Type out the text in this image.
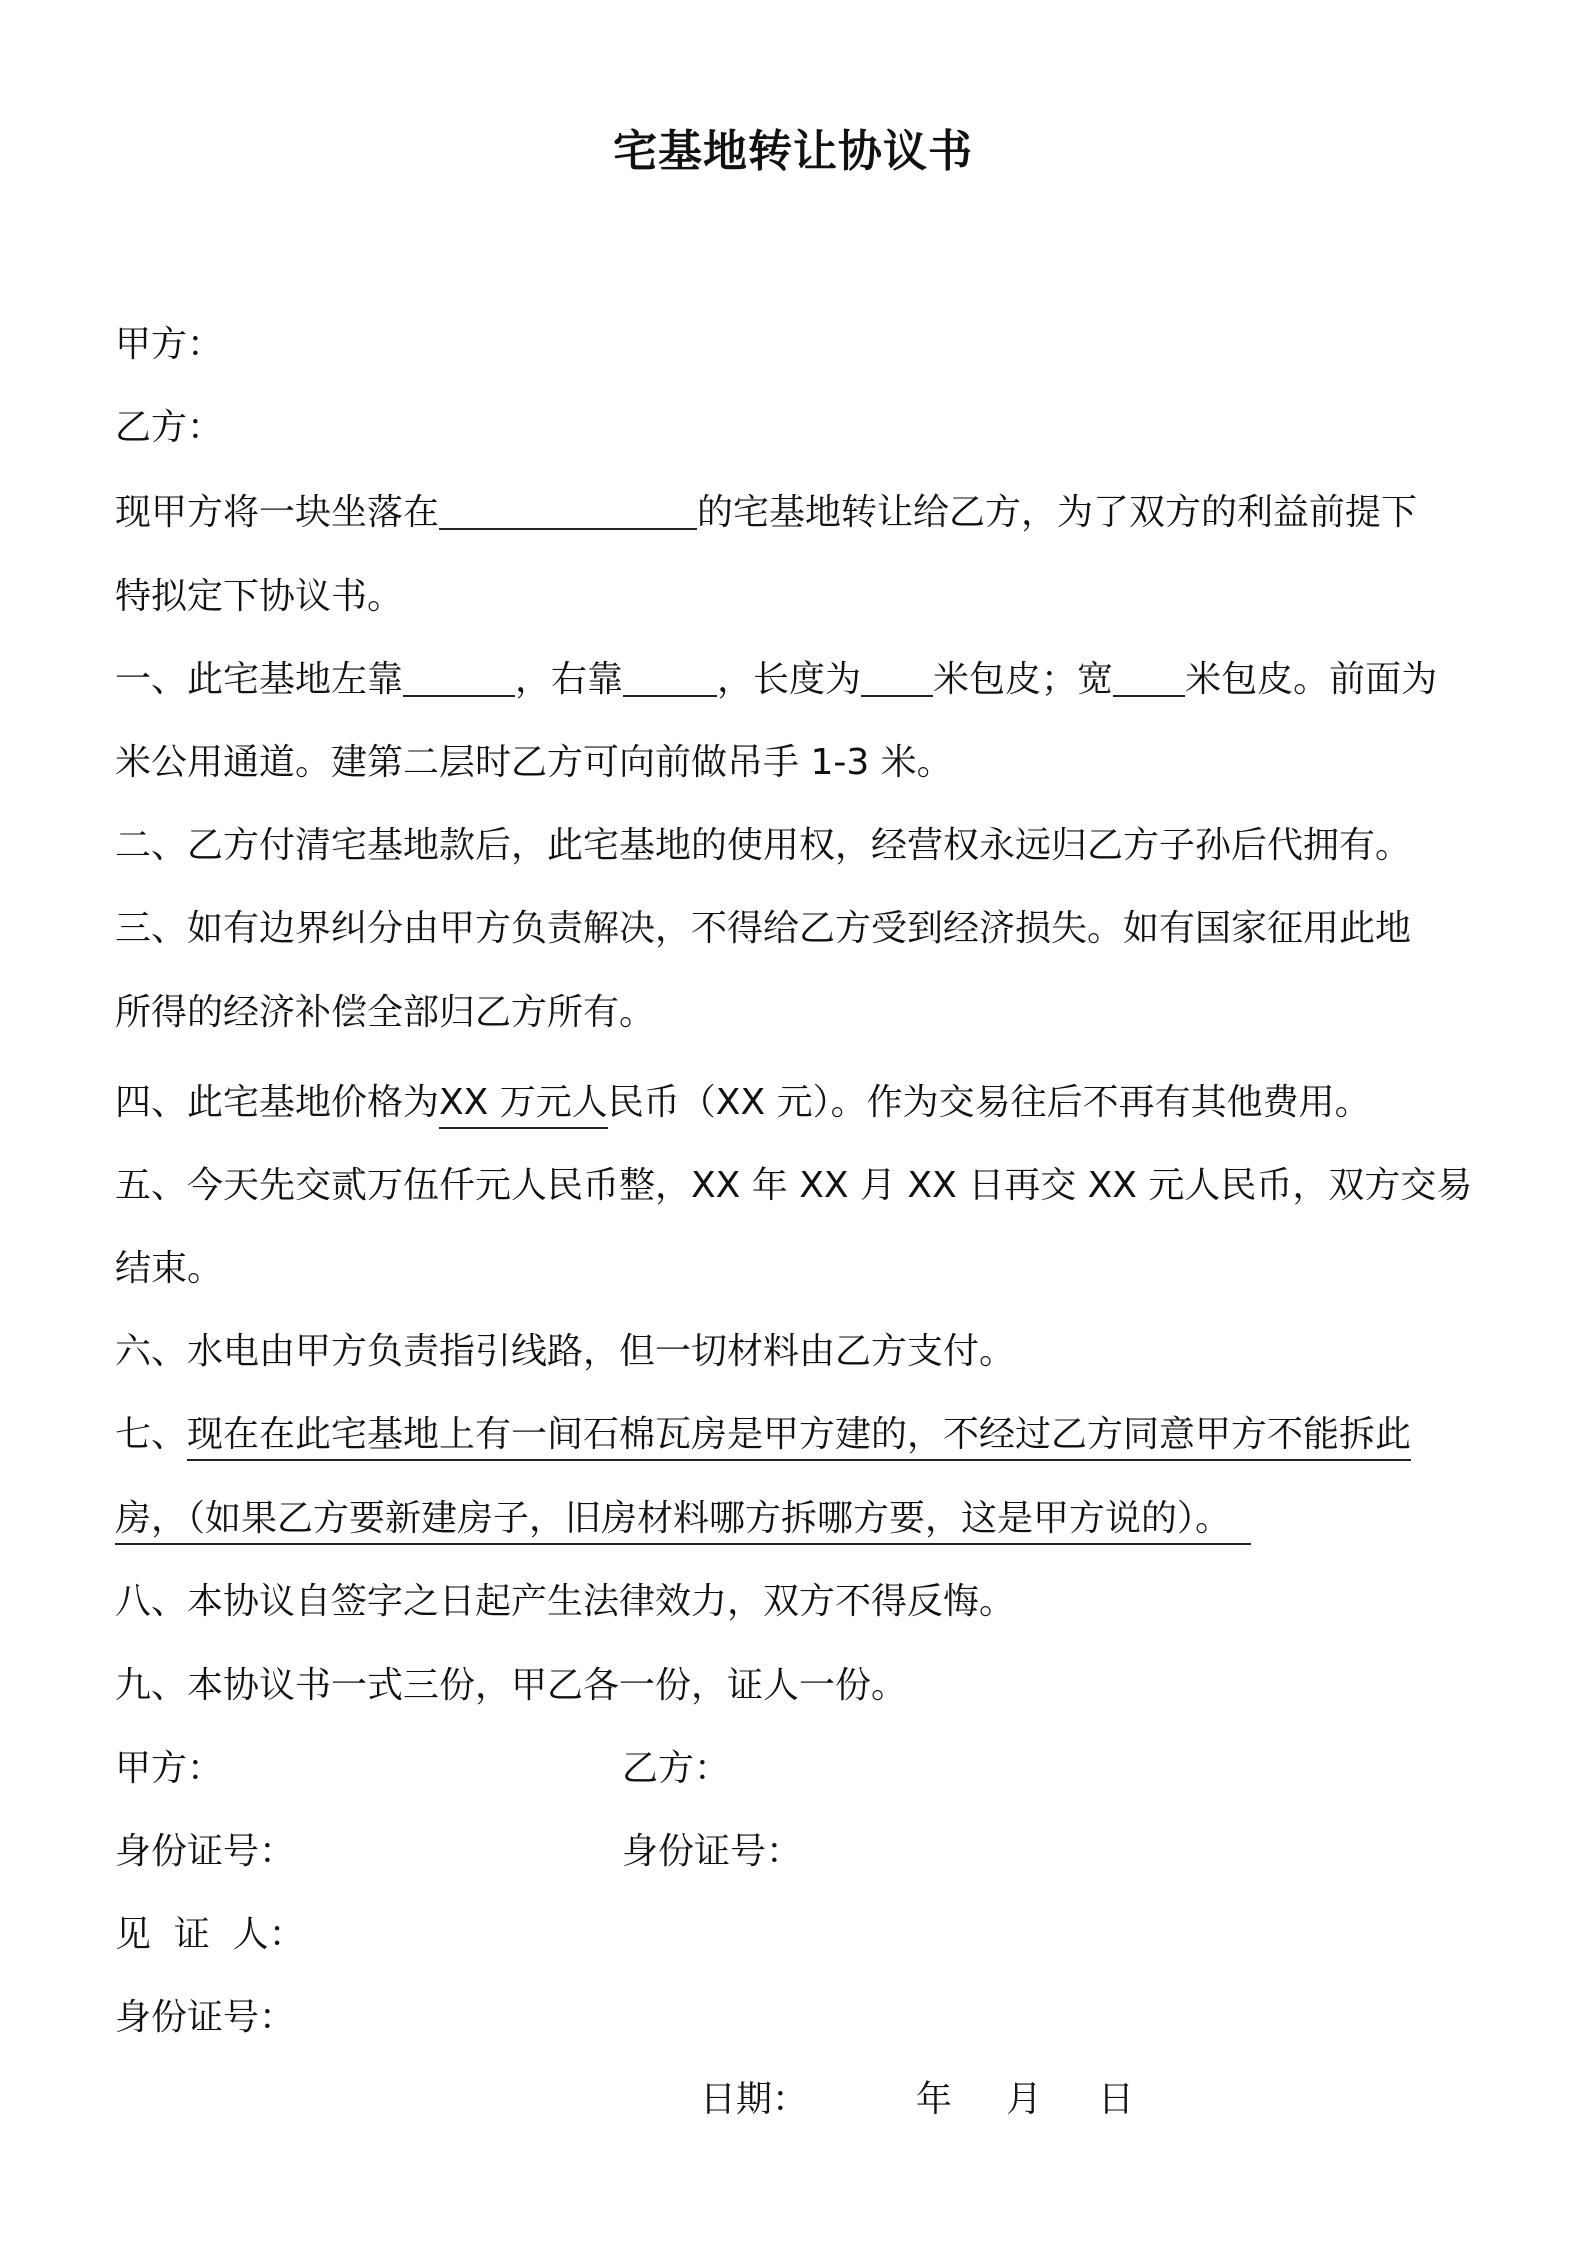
宅基地转让协议书
甲方：
乙方：
现甲方将一块坐落在	的宅基地转让给乙方，为了双方的利益前提下
特拟定下协议书。
一、此宅基地左靠	，右靠	，长度为 米包皮；宽 米包皮。前面为
米公用通道。建第二层时乙方可向前做吊手 1-3 米。
二、乙方付清宅基地款后，此宅基地的使用权，经营权永远归乙方子孙后代拥有。
三、如有边界纠分由甲方负责解决，不得给乙方受到经济损失。如有国家征用此地
所得的经济补偿全部归乙方所有。
四、此宅基地价格为XX 万元人民币（XX 元）。作为交易往后不再有其他费用。
五、今天先交贰万伍仟元人民币整，XX 年 XX 月 XX 日再交 XX 元人民币，双方交易
结束。
六、水电由甲方负责指引线路，但一切材料由乙方支付。
七、现在在此宅基地上有一间石棉瓦房是甲方建的，不经过乙方同意甲方不能拆此
房，（如果乙方要新建房子，旧房材料哪方拆哪方要，这是甲方说的）。
八、本协议自签字之日起产生法律效力，双方不得反悔。
九、本协议书一式三份，甲乙各一份，证人一份。
甲方：	乙方：
身份证号：	身份证号：
见  证  人：
身份证号：
日期：	年 月 日
